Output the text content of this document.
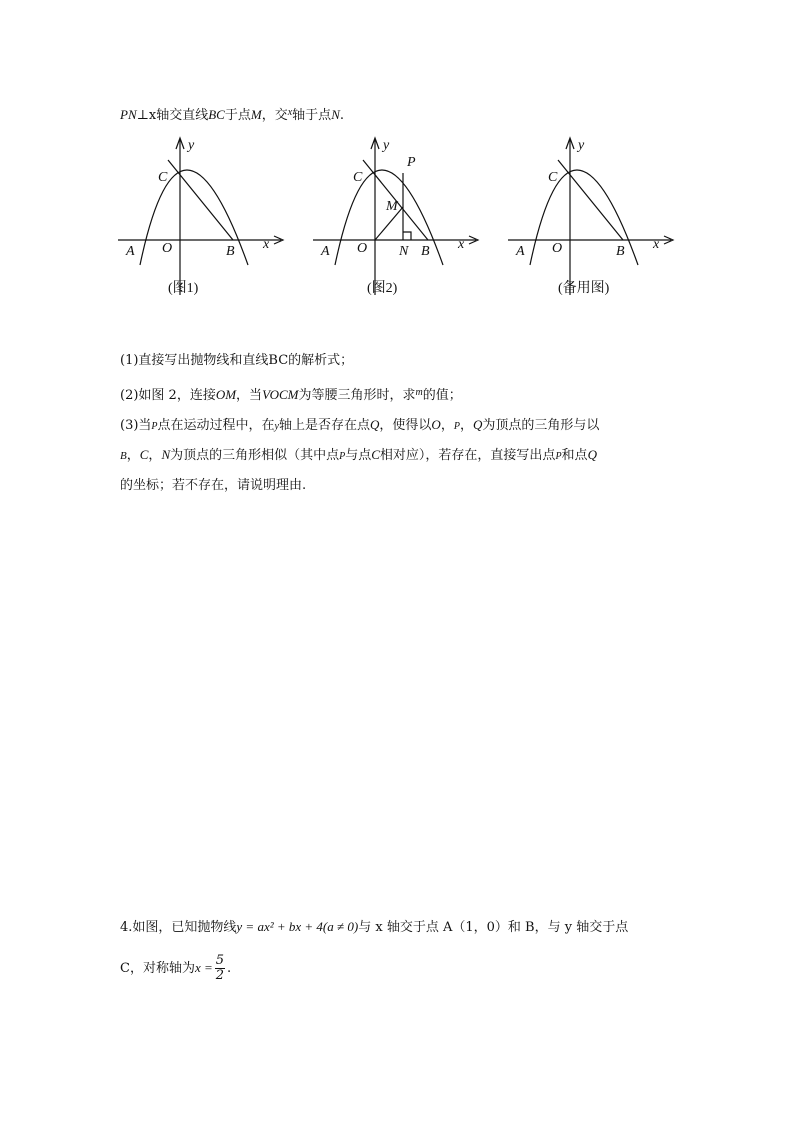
PN⊥x轴交直线BC于点M，交$^x$轴于点N.
y
x
C
A O	B
(图1)
y
x
C
A O	B
P
M
N
(图2)
y
x
C
A O	B
(备用图)
(1)直接写出抛物线和直线BC的解析式；
(2)如图 2，连接OM，当VOCM为等腰三角形时，求$^m$的值；
(3)当P点在运动过程中，在y轴上是否存在点Q，使得以O，P，Q为顶点的三角形与以
B，C，N为顶点的三角形相似（其中点P与点C相对应），若存在，直接写出点P和点Q
的坐标；若不存在，请说明理由.
4.如图，已知抛物线y = ax² + bx + 4(a ≠ 0)与 x 轴交于点 A（1，0）和 B，与 y 轴交于点
C，对称轴为$x = \frac{5}{2}$ .
